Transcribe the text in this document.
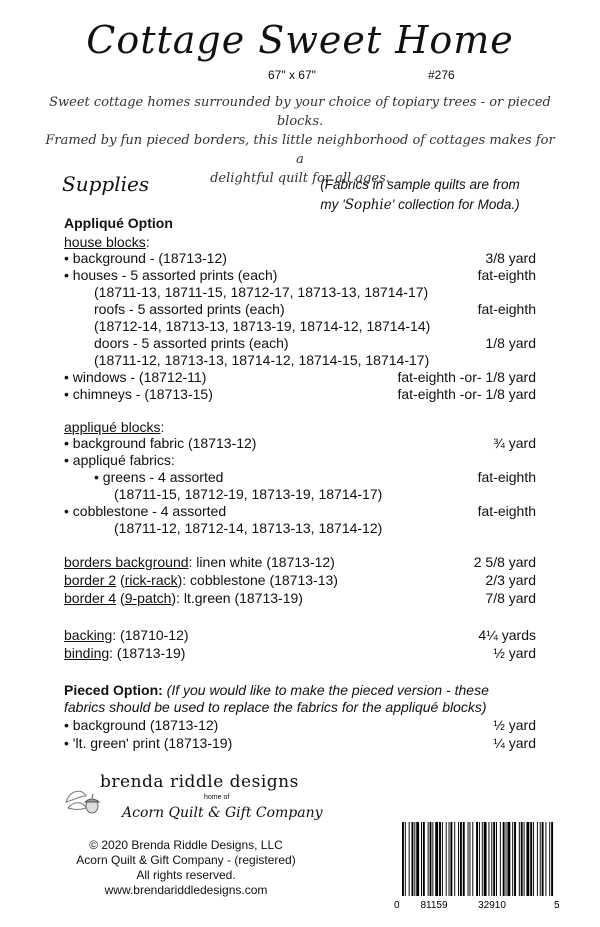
Cottage Sweet Home
67" x 67"	#276
Sweet cottage homes surrounded by your choice of topiary trees - or pieced blocks.
Framed by fun pieced borders, this little neighborhood of cottages makes for a
delightful quilt for all ages.
Supplies	(Fabrics in sample quilts are from
my 'Sophie' collection for Moda.)
Appliqué Option
house blocks:
• background - (18713-12)	3/8 yard
• houses - 5 assorted prints (each)	fat-eighth
(18711-13, 18711-15, 18712-17, 18713-13, 18714-17)
roofs - 5 assorted prints (each)	fat-eighth
(18712-14, 18713-13, 18713-19, 18714-12, 18714-14)
doors - 5 assorted prints (each)	1/8 yard
(18711-12, 18713-13, 18714-12, 18714-15, 18714-17)
• windows - (18712-11)	fat-eighth -or- 1/8 yard
• chimneys - (18713-15)	fat-eighth -or- 1/8 yard
appliqué blocks:
• background fabric (18713-12)	¾ yard
• appliqué fabrics:
• greens - 4 assorted	fat-eighth
(18711-15, 18712-19, 18713-19, 18714-17)
• cobblestone - 4 assorted	fat-eighth
(18711-12, 18712-14, 18713-13, 18714-12)
borders background: linen white (18713-12)	2 5/8 yard
border 2 (rick-rack): cobblestone (18713-13)	2/3 yard
border 4 (9-patch): lt.green (18713-19)	7/8 yard
backing: (18710-12)	4¼ yards
binding: (18713-19)	½ yard
Pieced Option: (If you would like to make the pieced version - these
fabrics should be used to replace the fabrics for the appliqué blocks)
• background (18713-12)	½ yard
• 'lt. green' print (18713-19)	¼ yard
brenda riddle designs
home of
Acorn Quilt & Gift Company
© 2020 Brenda Riddle Designs, LLC
Acorn Quilt & Gift Company - (registered)
All rights reserved.
www.brendariddledesigns.com
0 81159	32910	5
